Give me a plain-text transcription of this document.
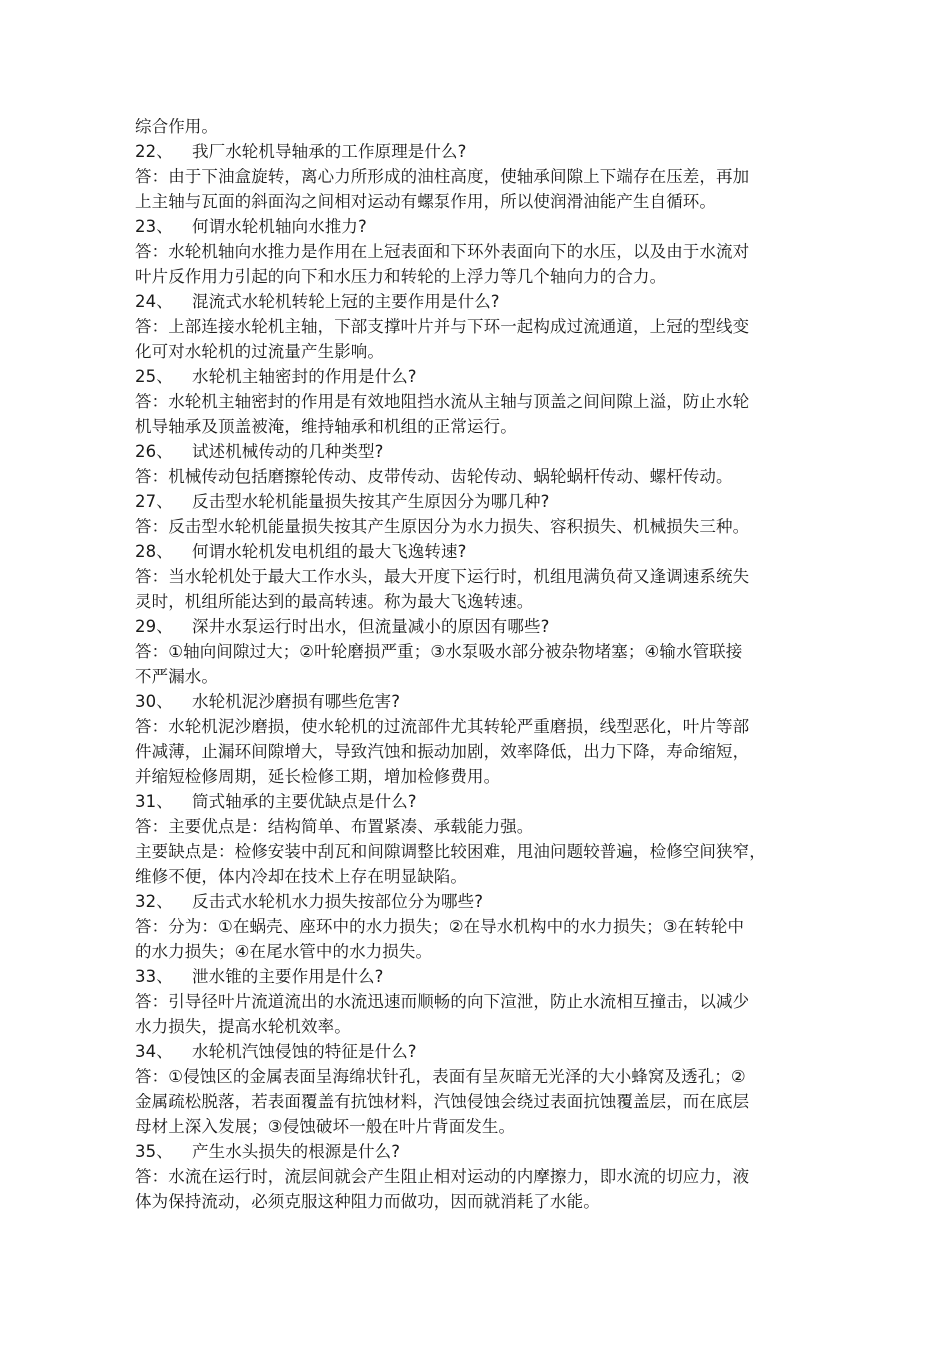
综合作用。
22、	我厂水轮机导轴承的工作原理是什么?
答：由于下油盒旋转，离心力所形成的油柱高度，使轴承间隙上下端存在压差，再加
上主轴与瓦面的斜面沟之间相对运动有螺泵作用，所以使润滑油能产生自循环。
23、	何谓水轮机轴向水推力?
答：水轮机轴向水推力是作用在上冠表面和下环外表面向下的水压，以及由于水流对
叶片反作用力引起的向下和水压力和转轮的上浮力等几个轴向力的合力。
24、	混流式水轮机转轮上冠的主要作用是什么?
答：上部连接水轮机主轴，下部支撑叶片并与下环一起构成过流通道，上冠的型线变
化可对水轮机的过流量产生影响。
25、	水轮机主轴密封的作用是什么?
答：水轮机主轴密封的作用是有效地阻挡水流从主轴与顶盖之间间隙上溢，防止水轮
机导轴承及顶盖被淹，维持轴承和机组的正常运行。
26、	试述机械传动的几种类型?
答：机械传动包括磨擦轮传动、皮带传动、齿轮传动、蜗轮蜗杆传动、螺杆传动。
27、	反击型水轮机能量损失按其产生原因分为哪几种?
答：反击型水轮机能量损失按其产生原因分为水力损失、容积损失、机械损失三种。
28、	何谓水轮机发电机组的最大飞逸转速?
答：当水轮机处于最大工作水头，最大开度下运行时，机组甩满负荷又逢调速系统失
灵时，机组所能达到的最高转速。称为最大飞逸转速。
29、	深井水泵运行时出水，但流量减小的原因有哪些?
答：①轴向间隙过大；②叶轮磨损严重；③水泵吸水部分被杂物堵塞；④输水管联接
不严漏水。
30、	水轮机泥沙磨损有哪些危害?
答：水轮机泥沙磨损，使水轮机的过流部件尤其转轮严重磨损，线型恶化，叶片等部
件减薄，止漏环间隙增大，导致汽蚀和振动加剧，效率降低，出力下降，寿命缩短，
并缩短检修周期，延长检修工期，增加检修费用。
31、	筒式轴承的主要优缺点是什么?
答：主要优点是：结构简单、布置紧凑、承载能力强。
主要缺点是：检修安装中刮瓦和间隙调整比较困难，甩油问题较普遍，检修空间狭窄，
维修不便，体内冷却在技术上存在明显缺陷。
32、	反击式水轮机水力损失按部位分为哪些?
答：分为：①在蜗壳、座环中的水力损失；②在导水机构中的水力损失；③在转轮中
的水力损失；④在尾水管中的水力损失。
33、	泄水锥的主要作用是什么?
答：引导径叶片流道流出的水流迅速而顺畅的向下渲泄，防止水流相互撞击，以减少
水力损失，提高水轮机效率。
34、	水轮机汽蚀侵蚀的特征是什么?
答：①侵蚀区的金属表面呈海绵状针孔，表面有呈灰暗无光泽的大小蜂窝及透孔；②
金属疏松脱落，若表面覆盖有抗蚀材料，汽蚀侵蚀会绕过表面抗蚀覆盖层，而在底层
母材上深入发展；③侵蚀破坏一般在叶片背面发生。
35、	产生水头损失的根源是什么?
答：水流在运行时，流层间就会产生阻止相对运动的内摩擦力，即水流的切应力，液
体为保持流动，必须克服这种阻力而做功，因而就消耗了水能。
